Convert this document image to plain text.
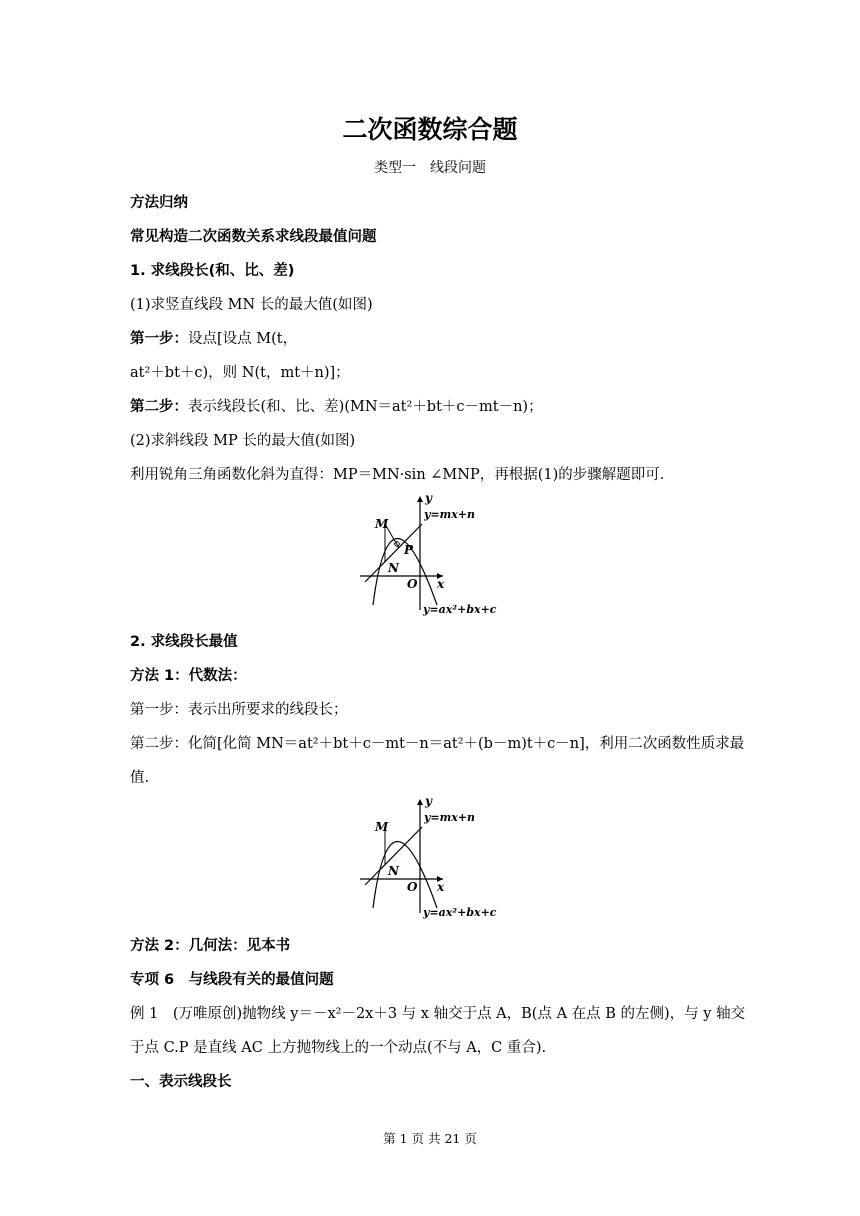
二次函数综合题
类型一　线段问题
方法归纳
常见构造二次函数关系求线段最值问题
1. 求线段长(和、比、差)
(1)求竖直线段 MN 长的最大值(如图)
第一步：设点[设点 M(t，
at²＋bt＋c)，则 N(t，mt＋n)]；
第二步：表示线段长(和、比、差)(MN＝at²＋bt＋c－mt－n)；
(2)求斜线段 MP 长的最大值(如图)
利用锐角三角函数化斜为直得：MP＝MN·sin ∠MNP，再根据(1)的步骤解题即可.
y
x
O
y=mx+n
y=ax²+bx+c
M
N
P
2. 求线段长最值
方法 1：代数法：
第一步：表示出所要求的线段长；
第二步：化简[化简 MN＝at²＋bt＋c－mt－n＝at²＋(b－m)t＋c－n]，利用二次函数性质求最
值.
y
x
O
y=mx+n
y=ax²+bx+c
M
N
方法 2：几何法：见本书
专项 6　与线段有关的最值问题
例 1　(万唯原创)抛物线 y＝－x²－2x＋3 与 x 轴交于点 A，B(点 A 在点 B 的左侧)，与 y 轴交
于点 C.P 是直线 AC 上方抛物线上的一个动点(不与 A，C 重合).
一、表示线段长
第 1 页 共 21 页
